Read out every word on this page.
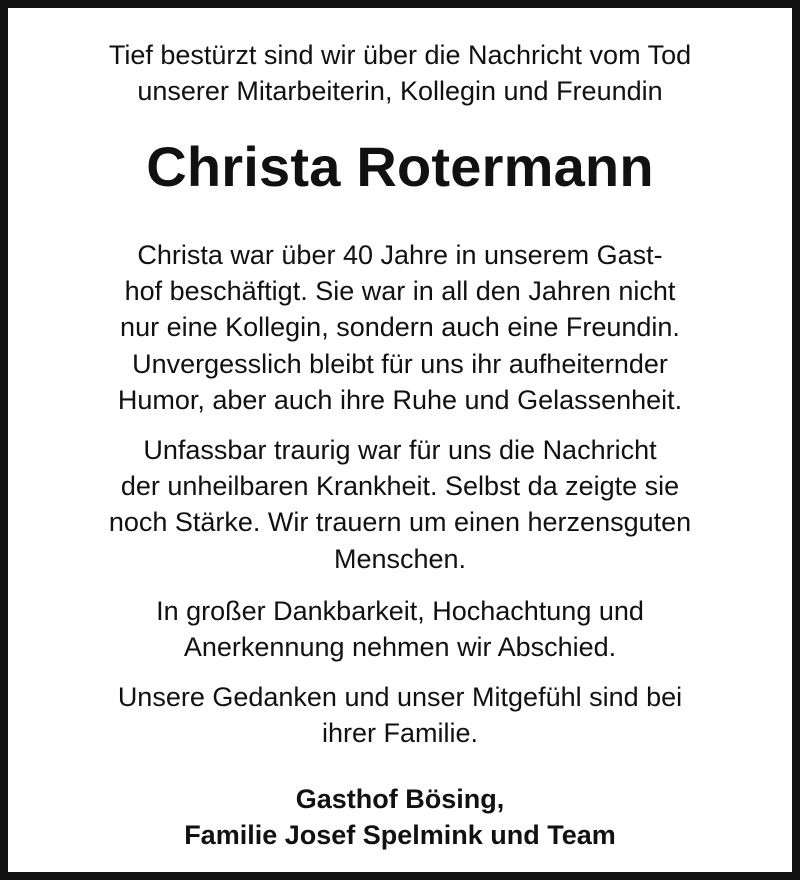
Tief bestürzt sind wir über die Nachricht vom Tod
unserer Mitarbeiterin, Kollegin und Freundin
Christa Rotermann
Christa war über 40 Jahre in unserem Gast-
hof beschäftigt. Sie war in all den Jahren nicht
nur eine Kollegin, sondern auch eine Freundin.
Unvergesslich bleibt für uns ihr aufheiternder
Humor, aber auch ihre Ruhe und Gelassenheit.
Unfassbar traurig war für uns die Nachricht
der unheilbaren Krankheit. Selbst da zeigte sie
noch Stärke. Wir trauern um einen herzensguten
Menschen.
In großer Dankbarkeit, Hochachtung und
Anerkennung nehmen wir Abschied.
Unsere Gedanken und unser Mitgefühl sind bei
ihrer Familie.
Gasthof Bösing,
Familie Josef Spelmink und Team
